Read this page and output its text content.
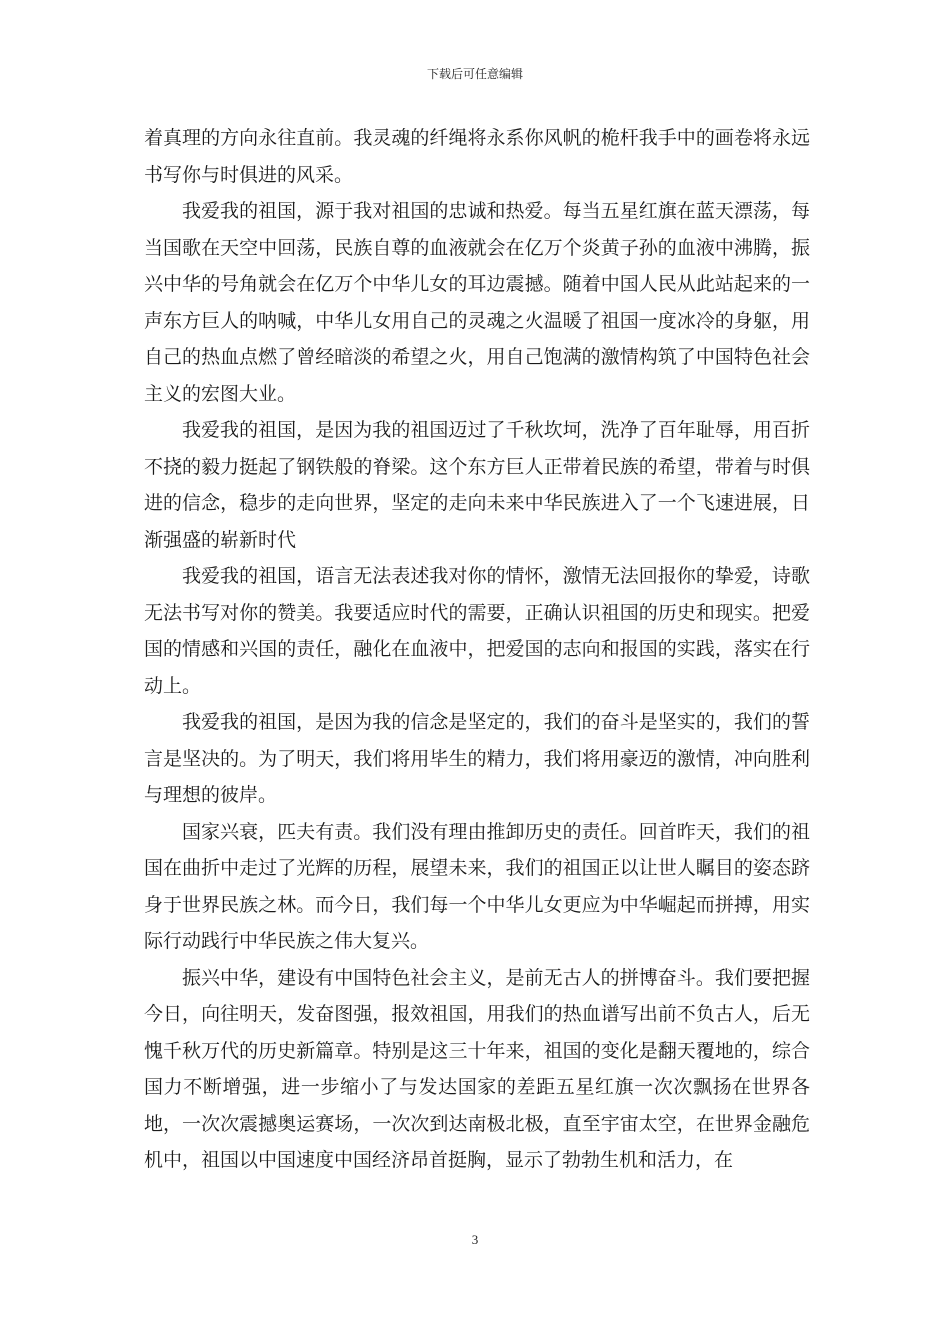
下载后可任意编辑

着真理的方向永往直前。我灵魂的纤绳将永系你风帆的桅杆我手中的画卷将永远书写你与时俱进的风采。

我爱我的祖国，源于我对祖国的忠诚和热爱。每当五星红旗在蓝天漂荡，每当国歌在天空中回荡，民族自尊的血液就会在亿万个炎黄子孙的血液中沸腾，振兴中华的号角就会在亿万个中华儿女的耳边震撼。随着中国人民从此站起来的一声东方巨人的呐喊，中华儿女用自己的灵魂之火温暖了祖国一度冰冷的身躯，用自己的热血点燃了曾经暗淡的希望之火，用自己饱满的激情构筑了中国特色社会主义的宏图大业。

我爱我的祖国，是因为我的祖国迈过了千秋坎坷，洗净了百年耻辱，用百折不挠的毅力挺起了钢铁般的脊梁。这个东方巨人正带着民族的希望，带着与时俱进的信念，稳步的走向世界，坚定的走向未来中华民族进入了一个飞速进展，日渐强盛的崭新时代

我爱我的祖国，语言无法表述我对你的情怀，激情无法回报你的挚爱，诗歌无法书写对你的赞美。我要适应时代的需要，正确认识祖国的历史和现实。把爱国的情感和兴国的责任，融化在血液中，把爱国的志向和报国的实践，落实在行动上。

我爱我的祖国，是因为我的信念是坚定的，我们的奋斗是坚实的，我们的誓言是坚决的。为了明天，我们将用毕生的精力，我们将用豪迈的激情，冲向胜利与理想的彼岸。

国家兴衰，匹夫有责。我们没有理由推卸历史的责任。回首昨天，我们的祖国在曲折中走过了光辉的历程，展望未来，我们的祖国正以让世人瞩目的姿态跻身于世界民族之林。而今日，我们每一个中华儿女更应为中华崛起而拼搏，用实际行动践行中华民族之伟大复兴。

振兴中华，建设有中国特色社会主义，是前无古人的拼博奋斗。我们要把握今日，向往明天，发奋图强，报效祖国，用我们的热血谱写出前不负古人，后无愧千秋万代的历史新篇章。特别是这三十年来，祖国的变化是翻天覆地的，综合国力不断增强，进一步缩小了与发达国家的差距五星红旗一次次飘扬在世界各地，一次次震撼奥运赛场，一次次到达南极北极，直至宇宙太空，在世界金融危机中，祖国以中国速度中国经济昂首挺胸，显示了勃勃生机和活力，在

3
